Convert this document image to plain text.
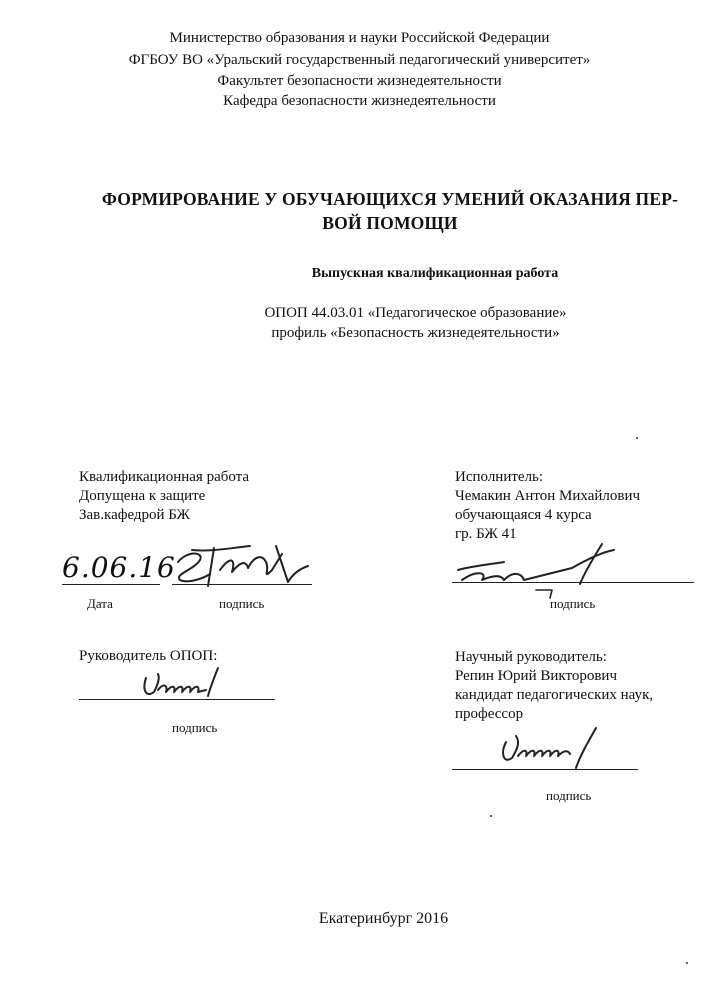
Министерство образования и науки Российской Федерации
ФГБОУ ВО «Уральский государственный педагогический университет»
Факультет безопасности жизнедеятельности
Кафедра безопасности жизнедеятельности
ФОРМИРОВАНИЕ У ОБУЧАЮЩИХСЯ УМЕНИЙ ОКАЗАНИЯ ПЕР-
ВОЙ ПОМОЩИ
Выпускная квалификационная работа
ОПОП 44.03.01 «Педагогическое образование»
профиль «Безопасность жизнедеятельности»
Квалификационная работа
Допущена к защите
Зав.кафедрой БЖ
6.06.16
Дата	подпись
Исполнитель:
Чемакин Антон Михайлович
обучающаяся 4 курса
гр. БЖ 41
подпись
Руководитель ОПОП:
подпись
Научный руководитель:
Репин Юрий Викторович
кандидат педагогических наук,
профессор
подпись
Екатеринбург 2016
